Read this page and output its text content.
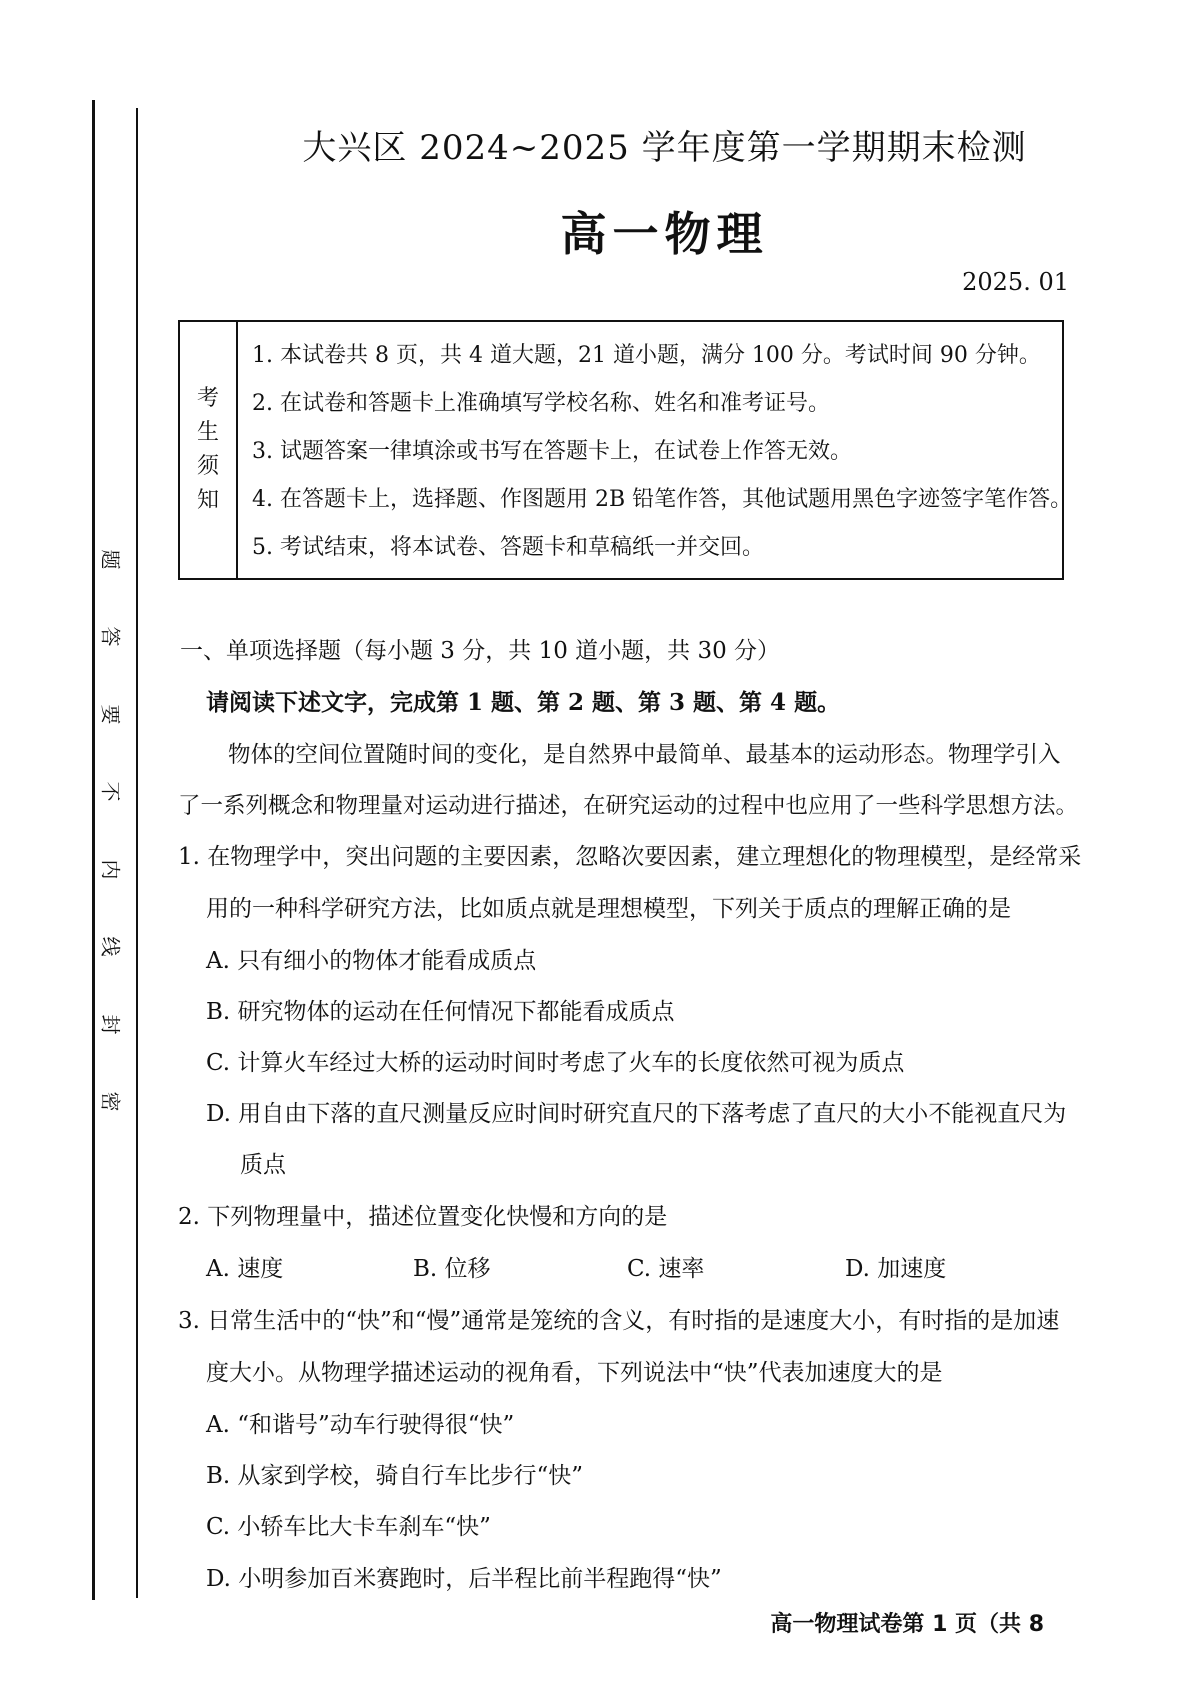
题
答
要
不
内
线
封
密
大兴区 2024~2025 学年度第一学期期末检测
高一物理
2025. 01
考
生
须
知
1. 本试卷共 8 页，共 4 道大题，21 道小题，满分 100 分。考试时间 90 分钟。
2. 在试卷和答题卡上准确填写学校名称、姓名和准考证号。
3. 试题答案一律填涂或书写在答题卡上，在试卷上作答无效。
4. 在答题卡上，选择题、作图题用 2B 铅笔作答，其他试题用黑色字迹签字笔作答。
5. 考试结束，将本试卷、答题卡和草稿纸一并交回。
一、单项选择题（每小题 3 分，共 10 道小题，共 30 分）
请阅读下述文字，完成第 1 题、第 2 题、第 3 题、第 4 题。
物体的空间位置随时间的变化，是自然界中最简单、最基本的运动形态。物理学引入
了一系列概念和物理量对运动进行描述，在研究运动的过程中也应用了一些科学思想方法。
1. 在物理学中，突出问题的主要因素，忽略次要因素，建立理想化的物理模型，是经常采
用的一种科学研究方法，比如质点就是理想模型，下列关于质点的理解正确的是
A. 只有细小的物体才能看成质点
B. 研究物体的运动在任何情况下都能看成质点
C. 计算火车经过大桥的运动时间时考虑了火车的长度依然可视为质点
D. 用自由下落的直尺测量反应时间时研究直尺的下落考虑了直尺的大小不能视直尺为
质点
2. 下列物理量中，描述位置变化快慢和方向的是
A. 速度	B. 位移	C. 速率	D. 加速度
3. 日常生活中的“快”和“慢”通常是笼统的含义，有时指的是速度大小，有时指的是加速
度大小。从物理学描述运动的视角看，下列说法中“快”代表加速度大的是
A. “和谐号”动车行驶得很“快”
B. 从家到学校，骑自行车比步行“快”
C. 小轿车比大卡车刹车“快”
D. 小明参加百米赛跑时，后半程比前半程跑得“快”
高一物理试卷第 1 页（共 8
